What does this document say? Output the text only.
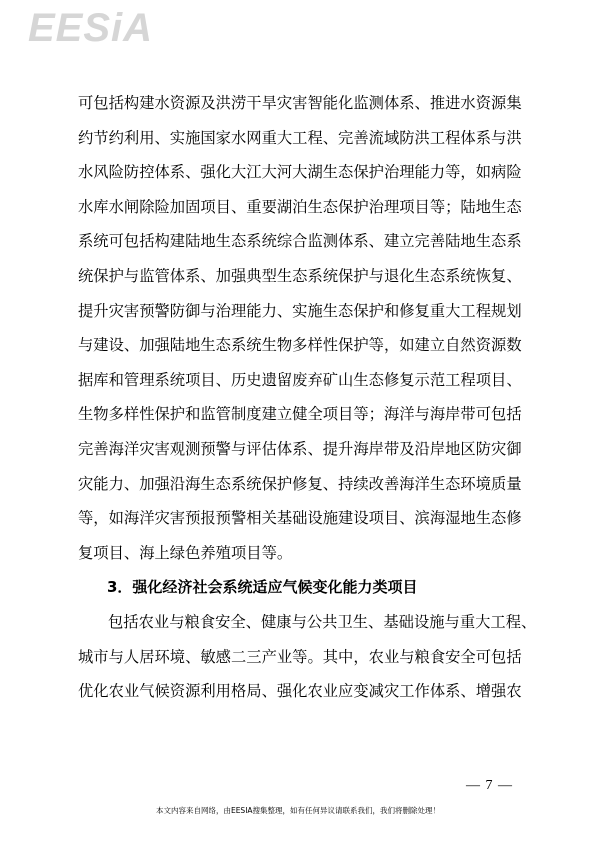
EESiA
可包括构建水资源及洪涝干旱灾害智能化监测体系、推进水资源集
约节约利用、实施国家水网重大工程、完善流域防洪工程体系与洪
水风险防控体系、强化大江大河大湖生态保护治理能力等，如病险
水库水闸除险加固项目、重要湖泊生态保护治理项目等；陆地生态
系统可包括构建陆地生态系统综合监测体系、建立完善陆地生态系
统保护与监管体系、加强典型生态系统保护与退化生态系统恢复、
提升灾害预警防御与治理能力、实施生态保护和修复重大工程规划
与建设、加强陆地生态系统生物多样性保护等，如建立自然资源数
据库和管理系统项目、历史遗留废弃矿山生态修复示范工程项目、
生物多样性保护和监管制度建立健全项目等；海洋与海岸带可包括
完善海洋灾害观测预警与评估体系、提升海岸带及沿岸地区防灾御
灾能力、加强沿海生态系统保护修复、持续改善海洋生态环境质量
等，如海洋灾害预报预警相关基础设施建设项目、滨海湿地生态修
复项目、海上绿色养殖项目等。
3．强化经济社会系统适应气候变化能力类项目
包括农业与粮食安全、健康与公共卫生、基础设施与重大工程、
城市与人居环境、敏感二三产业等。其中，农业与粮食安全可包括
优化农业气候资源利用格局、强化农业应变减灾工作体系、增强农
— 7 —
本文内容来自网络，由EESIA搜集整理，如有任何异议请联系我们，我们将删除处理！
